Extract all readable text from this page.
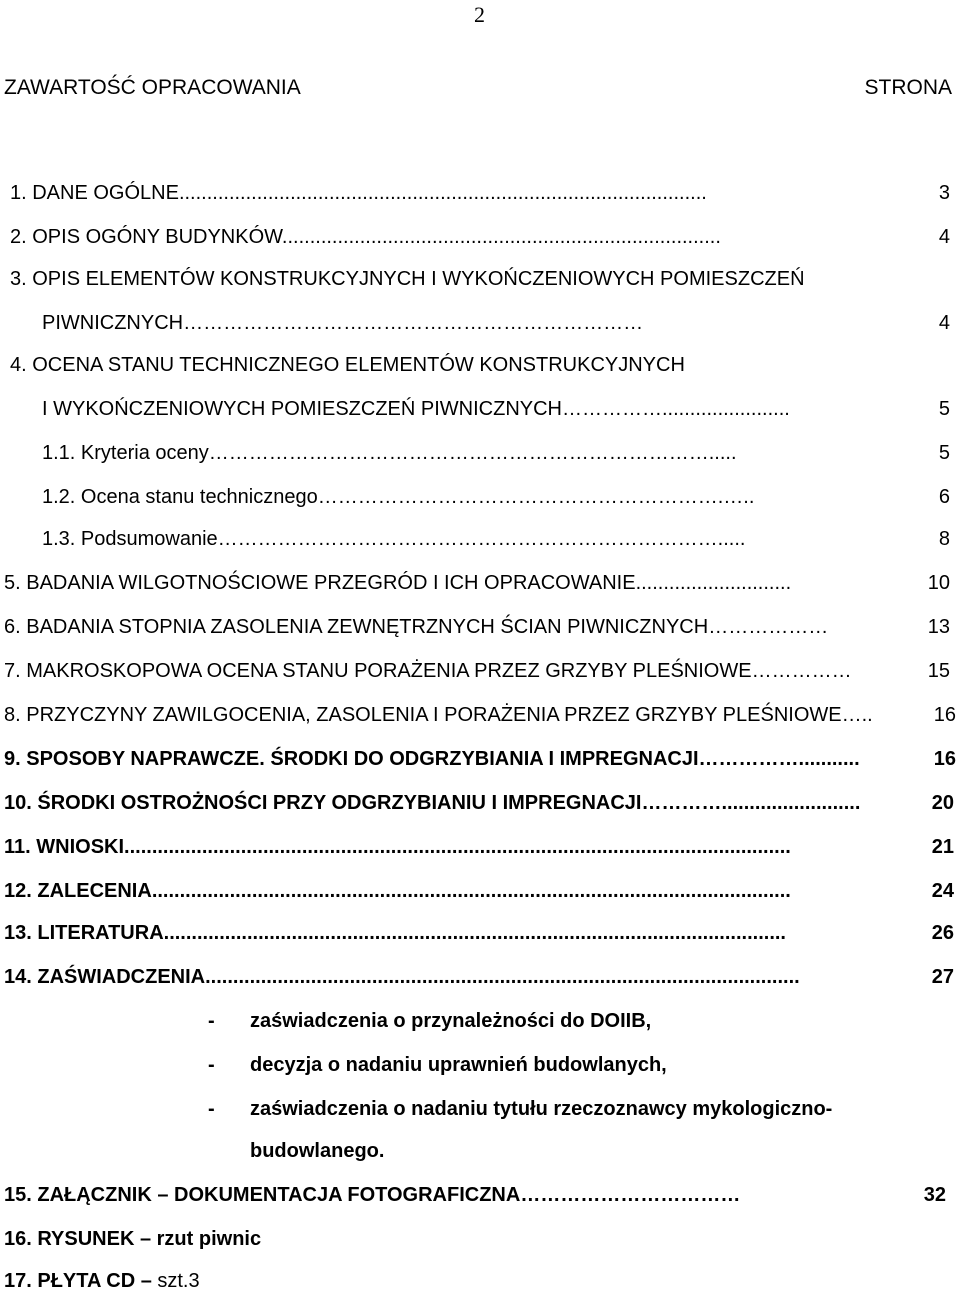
2
ZAWARTOŚĆ OPRACOWANIA	STRONA
1. DANE OGÓLNE...............................................................................................	3
2. OPIS OGÓNY BUDYNKÓW...............................................................................	4
3. OPIS ELEMENTÓW KONSTRUKCYJNYCH I WYKOŃCZENIOWYCH POMIESZCZEŃ
PIWNICZNYCH……………………………………………………………	4
4. OCENA STANU TECHNICZNEGO ELEMENTÓW KONSTRUKCYJNYCH
I WYKOŃCZENIOWYCH POMIESZCZEŃ PIWNICZNYCH…………….......................	5
1.1. Kryteria oceny………………………………………………………………….....	5
1.2. Ocena stanu technicznego…………………………………………………….…..	6
1.3. Podsumowanie………………………………………………………………….....	8
5. BADANIA WILGOTNOŚCIOWE PRZEGRÓD I ICH OPRACOWANIE............................	10
6. BADANIA STOPNIA ZASOLENIA ZEWNĘTRZNYCH ŚCIAN PIWNICZNYCH………………	13
7. MAKROSKOPOWA OCENA STANU PORAŻENIA PRZEZ GRZYBY PLEŚNIOWE……………	15
8. PRZYCZYNY ZAWILGOCENIA, ZASOLENIA I PORAŻENIA PRZEZ GRZYBY PLEŚNIOWE…..	16
9. SPOSOBY NAPRAWCZE. ŚRODKI DO ODGRZYBIANIA I IMPREGNACJI……………...........	16
10. ŚRODKI OSTROŻNOŚCI PRZY ODGRZYBIANIU I IMPREGNACJI………….........................	20
11. WNIOSKI........................................................................................................................	21
12. ZALECENIA...................................................................................................................	24
13. LITERATURA................................................................................................................	26
14. ZAŚWIADCZENIA...........................................................................................................	27
- zaświadczenia o przynależności do DOIIB,
- decyzja o nadaniu uprawnień budowlanych,
- zaświadczenia o nadaniu tytułu rzeczoznawcy mykologiczno-
budowlanego.
15. ZAŁĄCZNIK – DOKUMENTACJA FOTOGRAFICZNA……………………………	32
16. RYSUNEK – rzut piwnic
17. PŁYTA CD – szt.3
